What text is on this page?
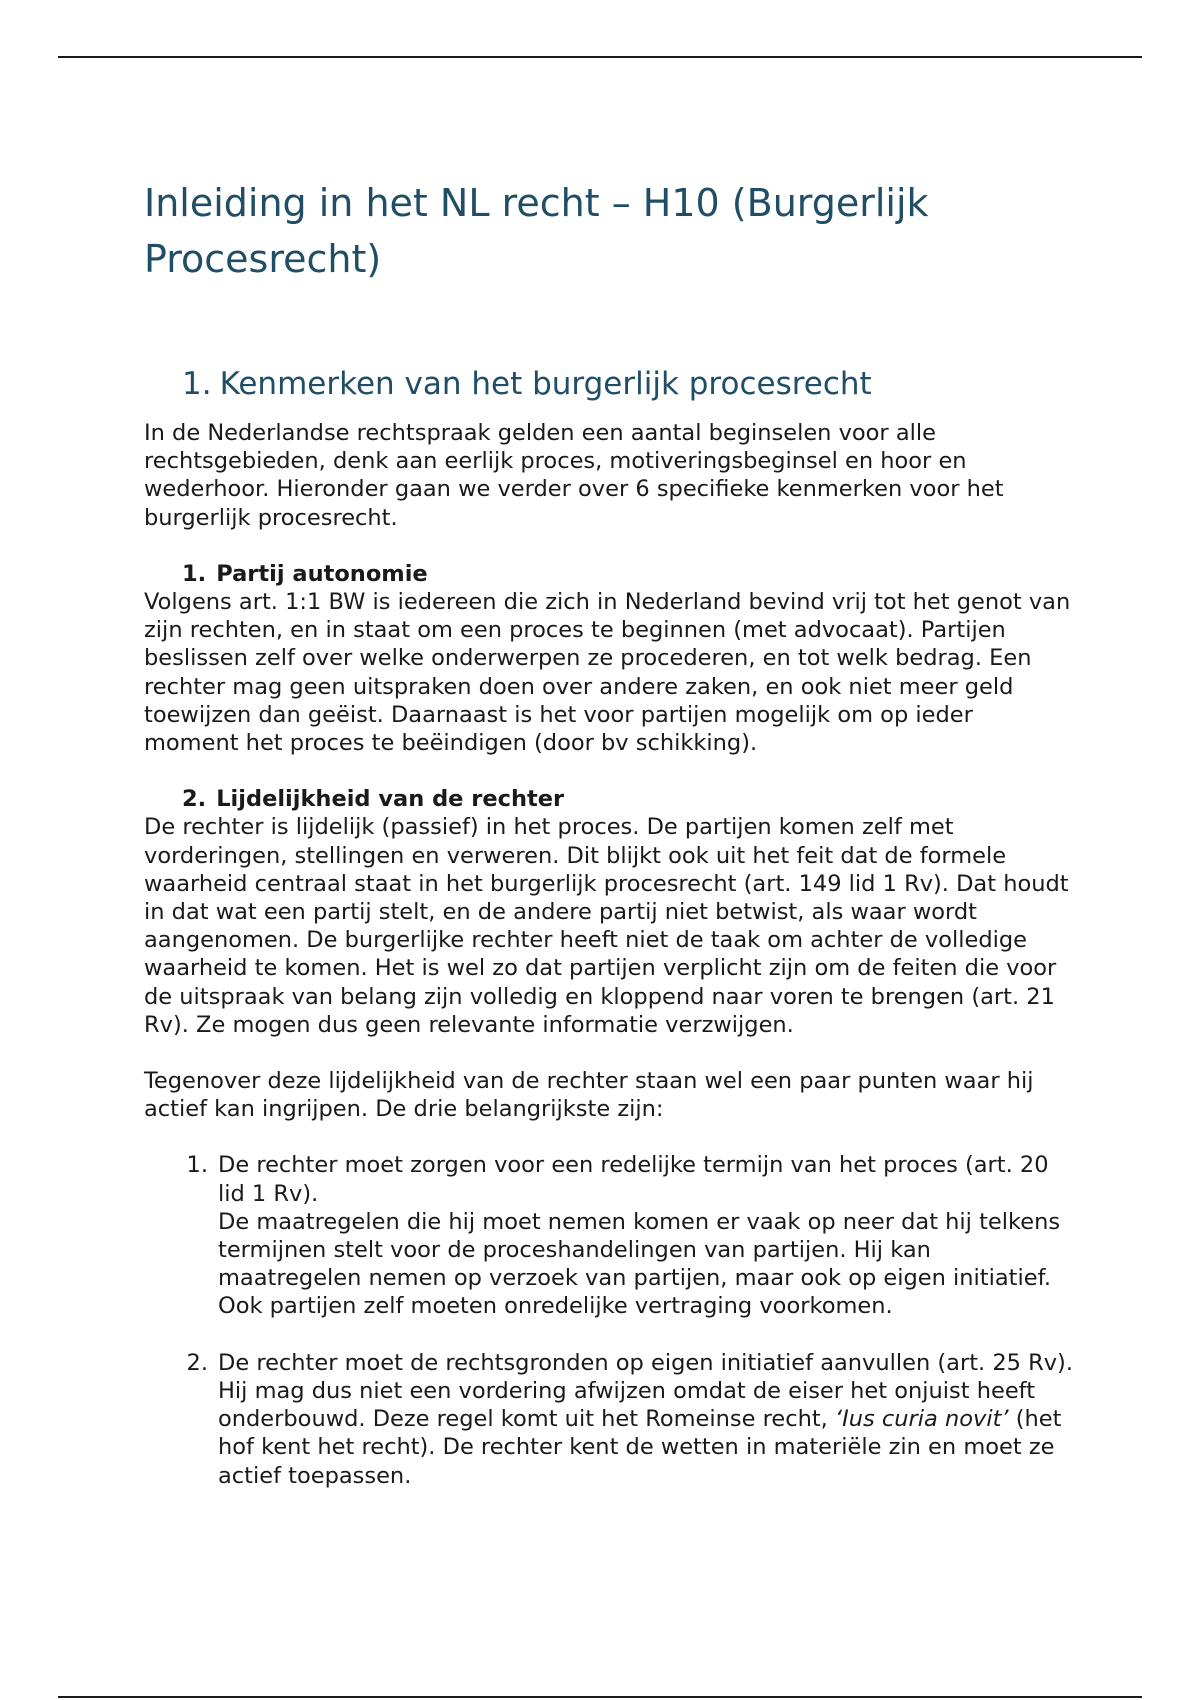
Inleiding in het NL recht – H10 (Burgerlijk Procesrecht)
1. Kenmerken van het burgerlijk procesrecht

In de Nederlandse rechtspraak gelden een aantal beginselen voor alle rechtsgebieden, denk aan eerlijk proces, motiveringsbeginsel en hoor en wederhoor. Hieronder gaan we verder over 6 specifieke kenmerken voor het burgerlijk procesrecht.

1. Partij autonomie

Volgens art. 1:1 BW is iedereen die zich in Nederland bevind vrij tot het genot van zijn rechten, en in staat om een proces te beginnen (met advocaat). Partijen beslissen zelf over welke onderwerpen ze procederen, en tot welk bedrag. Een rechter mag geen uitspraken doen over andere zaken, en ook niet meer geld toewijzen dan geëist. Daarnaast is het voor partijen mogelijk om op ieder moment het proces te beëindigen (door bv schikking).

2. Lijdelijkheid van de rechter

De rechter is lijdelijk (passief) in het proces. De partijen komen zelf met vorderingen, stellingen en verweren. Dit blijkt ook uit het feit dat de formele waarheid centraal staat in het burgerlijk procesrecht (art. 149 lid 1 Rv). Dat houdt in dat wat een partij stelt, en de andere partij niet betwist, als waar wordt aangenomen. De burgerlijke rechter heeft niet de taak om achter de volledige waarheid te komen. Het is wel zo dat partijen verplicht zijn om de feiten die voor de uitspraak van belang zijn volledig en kloppend naar voren te brengen (art. 21 Rv). Ze mogen dus geen relevante informatie verzwijgen.

Tegenover deze lijdelijkheid van de rechter staan wel een paar punten waar hij actief kan ingrijpen. De drie belangrijkste zijn:

1. De rechter moet zorgen voor een redelijke termijn van het proces (art. 20 lid 1 Rv).
De maatregelen die hij moet nemen komen er vaak op neer dat hij telkens termijnen stelt voor de proceshandelingen van partijen. Hij kan maatregelen nemen op verzoek van partijen, maar ook op eigen initiatief. Ook partijen zelf moeten onredelijke vertraging voorkomen.
2. De rechter moet de rechtsgronden op eigen initiatief aanvullen (art. 25 Rv). Hij mag dus niet een vordering afwijzen omdat de eiser het onjuist heeft onderbouwd. Deze regel komt uit het Romeinse recht, ‘Ius curia novit’ (het hof kent het recht). De rechter kent de wetten in materiële zin en moet ze actief toepassen.
